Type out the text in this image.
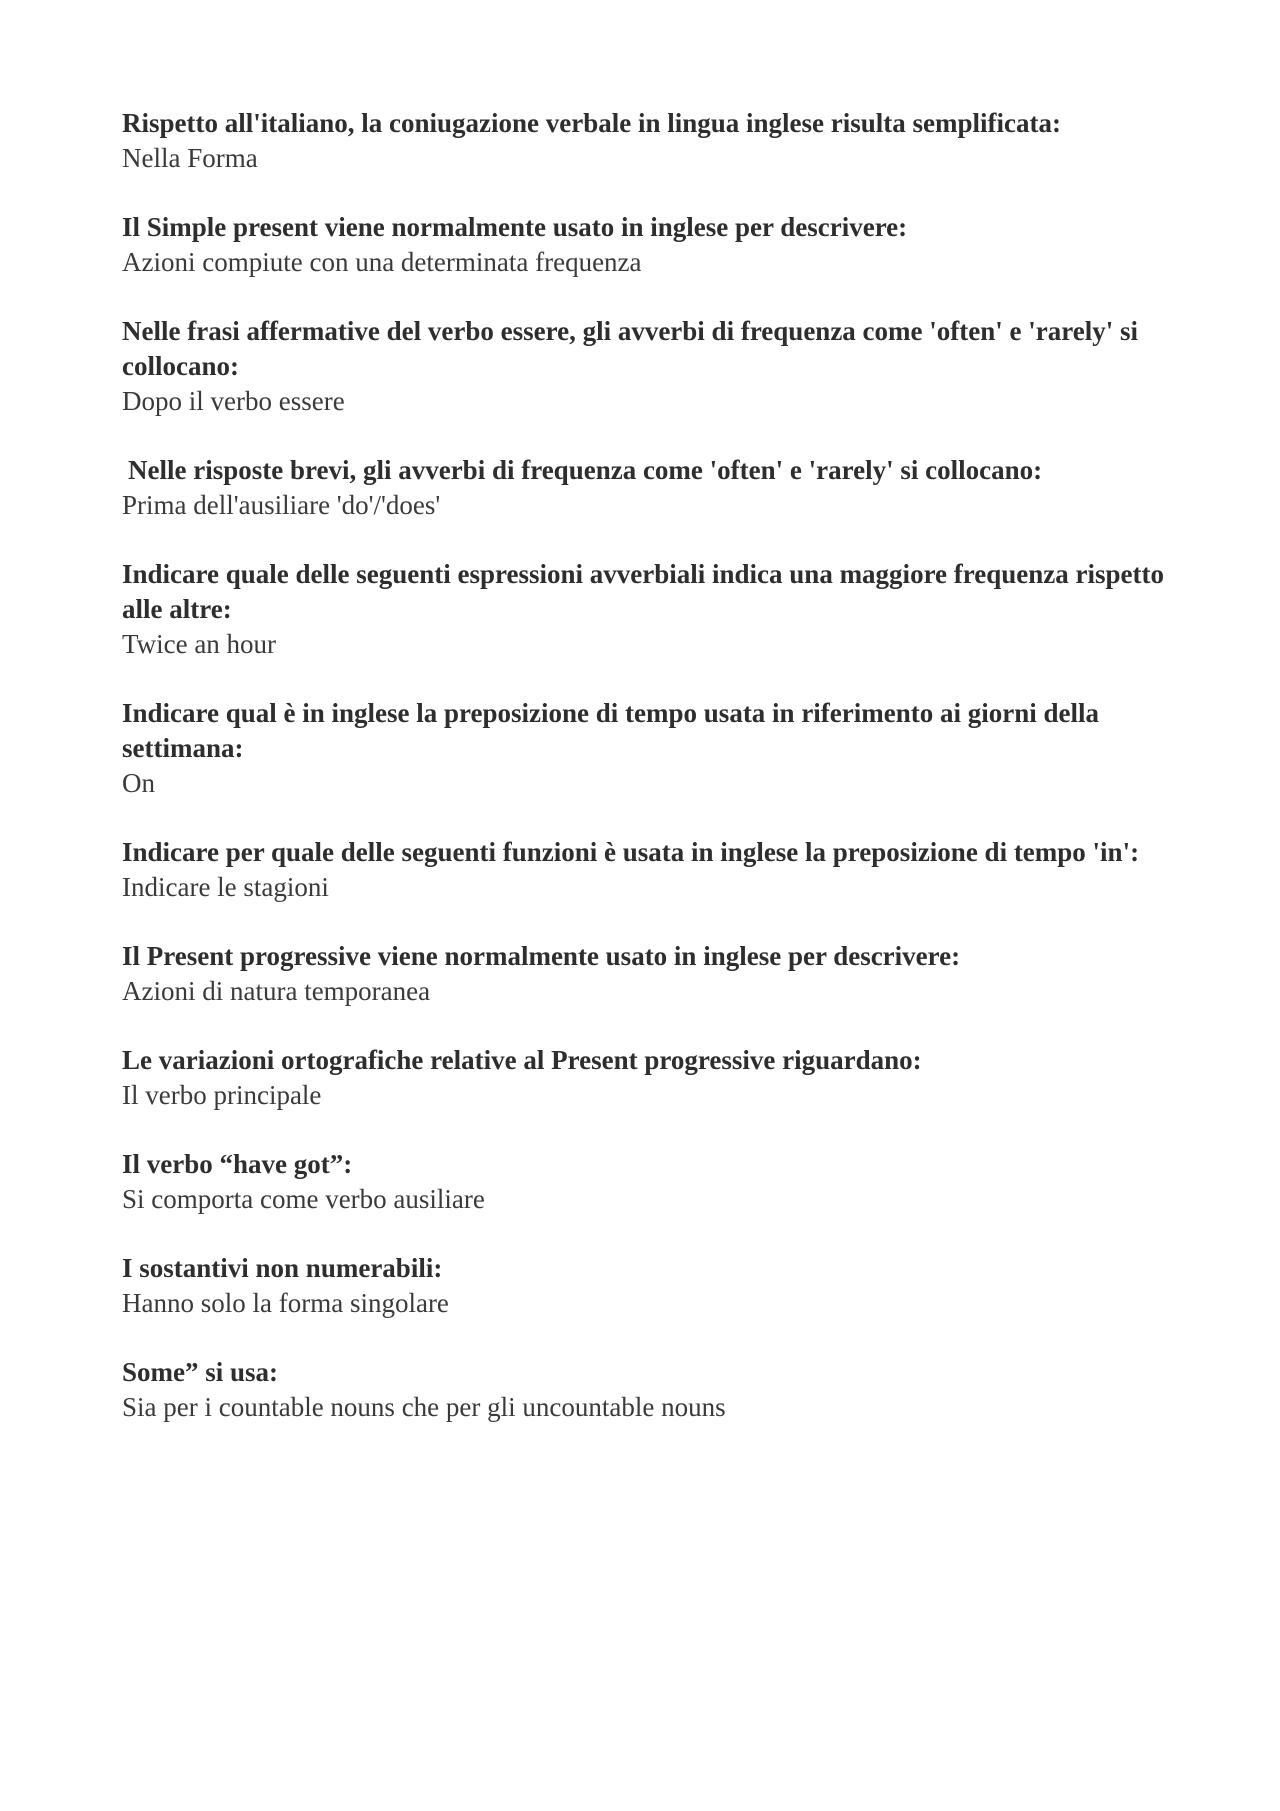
Rispetto all'italiano, la coniugazione verbale in lingua inglese risulta semplificata:

Nella Forma

Il Simple present viene normalmente usato in inglese per descrivere:

Azioni compiute con una determinata frequenza

Nelle frasi affermative del verbo essere, gli avverbi di frequenza come 'often' e 'rarely' si collocano:

Dopo il verbo essere

Nelle risposte brevi, gli avverbi di frequenza come 'often' e 'rarely' si collocano:

Prima dell'ausiliare 'do'/'does'

Indicare quale delle seguenti espressioni avverbiali indica una maggiore frequenza rispetto alle altre:

Twice an hour

Indicare qual è in inglese la preposizione di tempo usata in riferimento ai giorni della settimana:

On

Indicare per quale delle seguenti funzioni è usata in inglese la preposizione di tempo 'in':

Indicare le stagioni

Il Present progressive viene normalmente usato in inglese per descrivere:

Azioni di natura temporanea

Le variazioni ortografiche relative al Present progressive riguardano:

Il verbo principale

Il verbo “have got”:

Si comporta come verbo ausiliare

I sostantivi non numerabili:

Hanno solo la forma singolare

Some” si usa:

Sia per i countable nouns che per gli uncountable nouns
